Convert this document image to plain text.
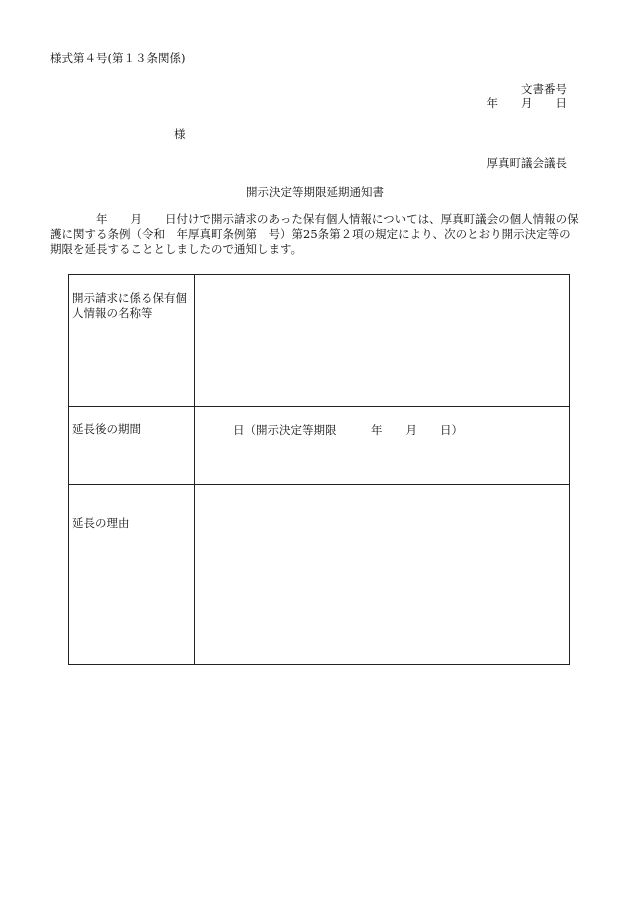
様式第４号(第１３条関係)
文書番号
年　　月　　日
様
厚真町議会議長
開示決定等期限延期通知書
　　　　年　　月　　日付けで開示請求のあった保有個人情報については、厚真町議会の個人情報の保護に関する条例（令和　年厚真町条例第　号）第25条第２項の規定により、次のとおり開示決定等の期限を延長することとしましたので通知します。
開示請求に係る保有個人情報の名称等	
延長後の期間	日（開示決定等期限　　　年　　月　　日）
延長の理由	
